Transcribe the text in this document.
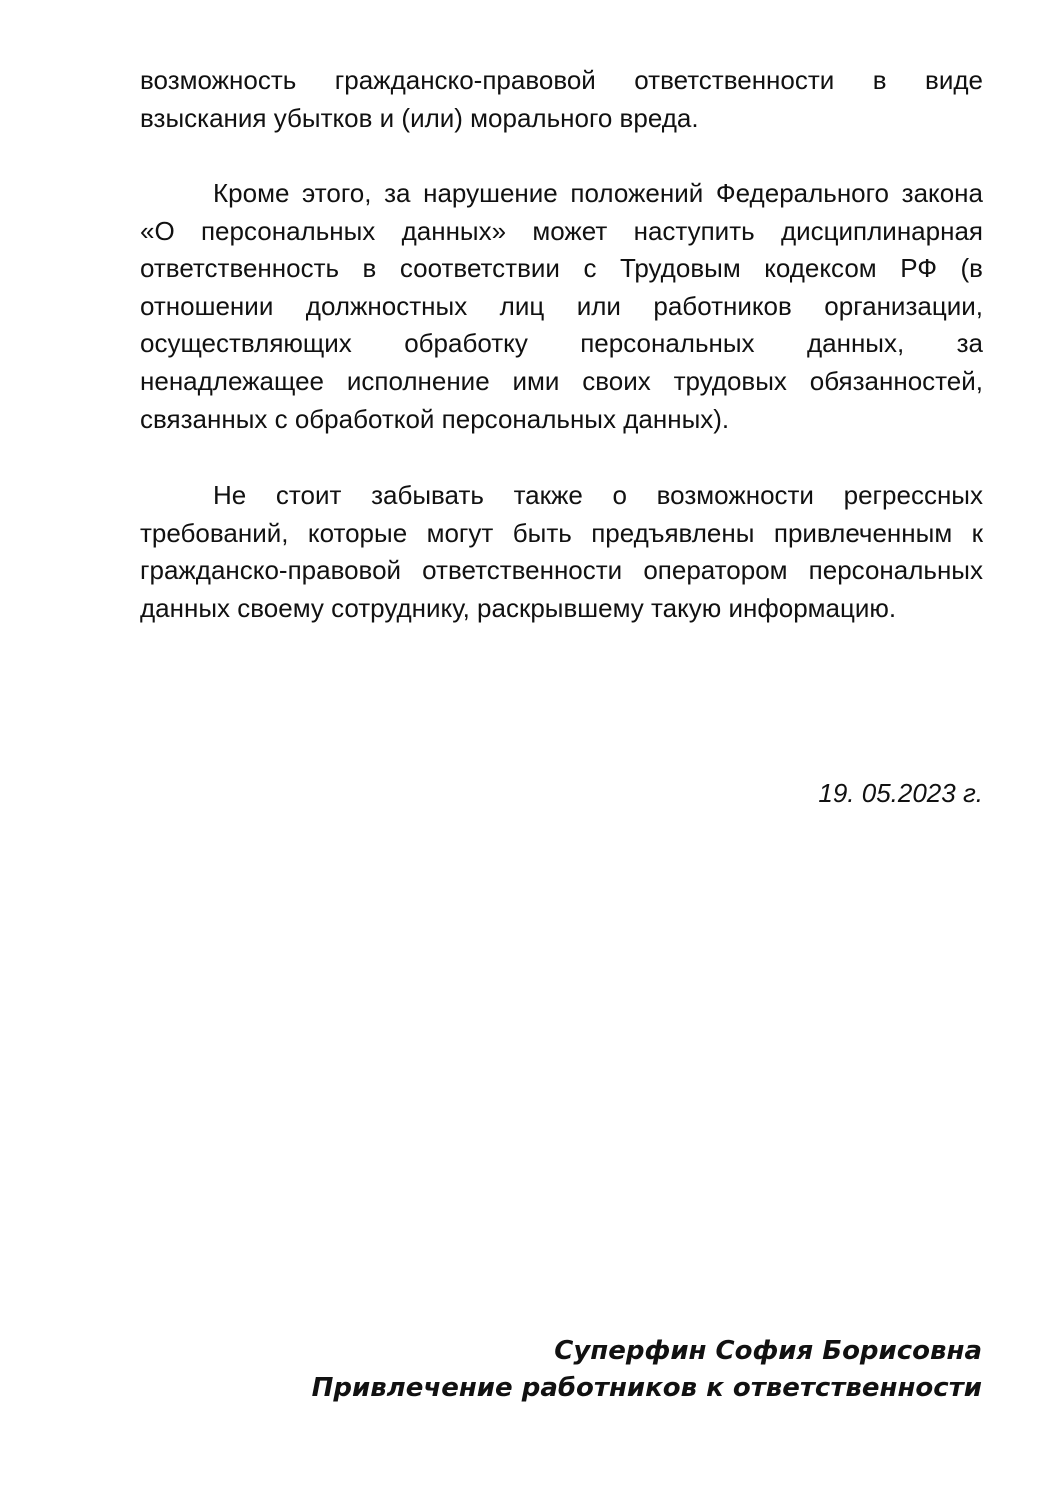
возможность гражданско-правовой ответственности в виде взыскания убытков и (или) морального вреда.

Кроме этого, за нарушение положений Федерального закона «О персональных данных» может наступить дисциплинарная ответственность в соответствии с Трудовым кодексом РФ (в отношении должностных лиц или работников организации, осуществляющих обработку персональных данных, за ненадлежащее исполнение ими своих трудовых обязанностей, связанных с обработкой персональных данных).

Не стоит забывать также о возможности регрессных требований, которые могут быть предъявлены привлеченным к гражданско-правовой ответственности оператором персональных данных своему сотруднику, раскрывшему такую информацию.

19. 05.2023 г.

Суперфин София Борисовна
Привлечение работников к ответственности
